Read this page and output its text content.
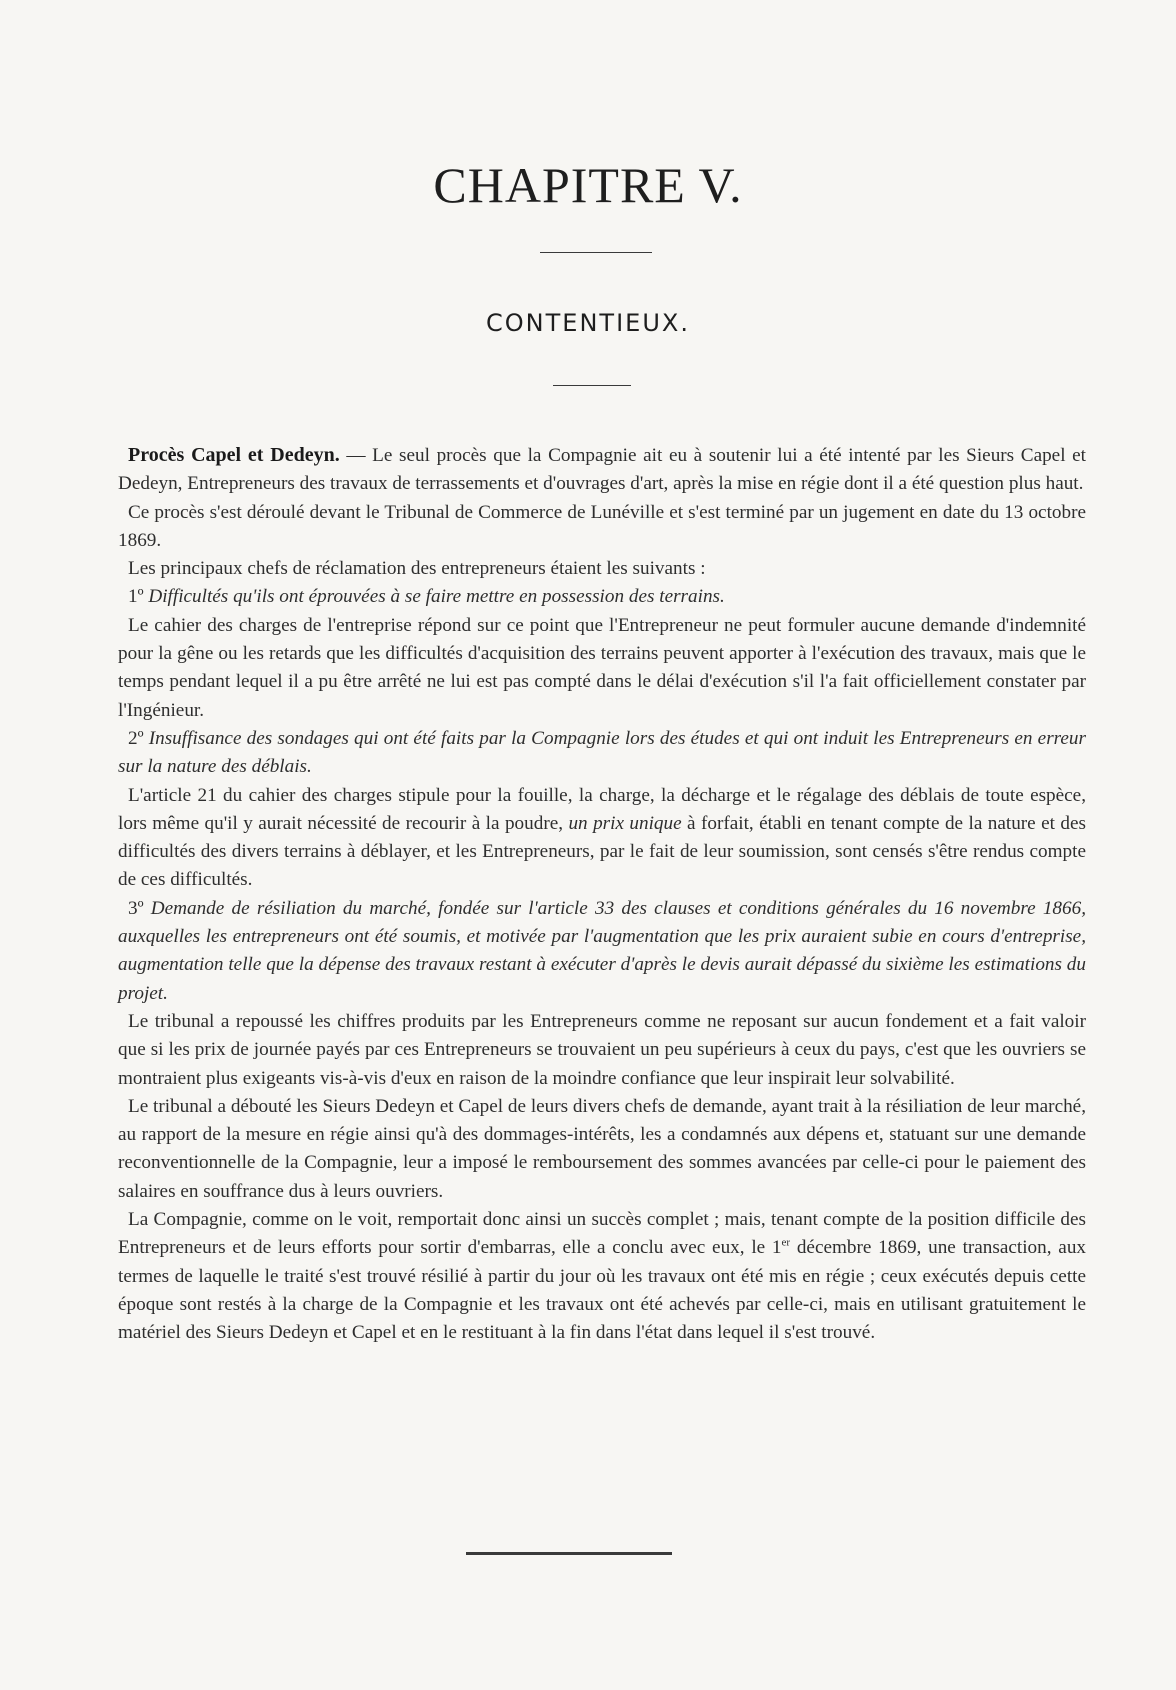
CHAPITRE V.
CONTENTIEUX.

Procès Capel et Dedeyn. — Le seul procès que la Compagnie ait eu à soutenir lui a été intenté par les Sieurs Capel et Dedeyn, Entrepreneurs des travaux de terrassements et d'ouvrages d'art, après la mise en régie dont il a été question plus haut.

Ce procès s'est déroulé devant le Tribunal de Commerce de Lunéville et s'est terminé par un jugement en date du 13 octobre 1869.

Les principaux chefs de réclamation des entrepreneurs étaient les suivants :

1º Difficultés qu'ils ont éprouvées à se faire mettre en possession des terrains.

Le cahier des charges de l'entreprise répond sur ce point que l'Entrepreneur ne peut formuler aucune demande d'indemnité pour la gêne ou les retards que les difficultés d'acquisition des terrains peuvent apporter à l'exécution des travaux, mais que le temps pendant lequel il a pu être arrêté ne lui est pas compté dans le délai d'exécution s'il l'a fait officiellement constater par l'Ingénieur.

2º Insuffisance des sondages qui ont été faits par la Compagnie lors des études et qui ont induit les Entrepreneurs en erreur sur la nature des déblais.

L'article 21 du cahier des charges stipule pour la fouille, la charge, la décharge et le régalage des déblais de toute espèce, lors même qu'il y aurait nécessité de recourir à la poudre, un prix unique à forfait, établi en tenant compte de la nature et des difficultés des divers terrains à déblayer, et les Entrepreneurs, par le fait de leur soumission, sont censés s'être rendus compte de ces difficultés.

3º Demande de résiliation du marché, fondée sur l'article 33 des clauses et conditions générales du 16 novembre 1866, auxquelles les entrepreneurs ont été soumis, et motivée par l'augmentation que les prix auraient subie en cours d'entreprise, augmentation telle que la dépense des travaux restant à exécuter d'après le devis aurait dépassé du sixième les estimations du projet.

Le tribunal a repoussé les chiffres produits par les Entrepreneurs comme ne reposant sur aucun fondement et a fait valoir que si les prix de journée payés par ces Entrepreneurs se trouvaient un peu supérieurs à ceux du pays, c'est que les ouvriers se montraient plus exigeants vis-à-vis d'eux en raison de la moindre confiance que leur inspirait leur solvabilité.

Le tribunal a débouté les Sieurs Dedeyn et Capel de leurs divers chefs de demande, ayant trait à la résiliation de leur marché, au rapport de la mesure en régie ainsi qu'à des dommages-intérêts, les a condamnés aux dépens et, statuant sur une demande reconventionnelle de la Compagnie, leur a imposé le remboursement des sommes avancées par celle-ci pour le paiement des salaires en souffrance dus à leurs ouvriers.

La Compagnie, comme on le voit, remportait donc ainsi un succès complet ; mais, tenant compte de la position difficile des Entrepreneurs et de leurs efforts pour sortir d'embarras, elle a conclu avec eux, le 1er décembre 1869, une transaction, aux termes de laquelle le traité s'est trouvé résilié à partir du jour où les travaux ont été mis en régie ; ceux exécutés depuis cette époque sont restés à la charge de la Compagnie et les travaux ont été achevés par celle-ci, mais en utilisant gratuitement le matériel des Sieurs Dedeyn et Capel et en le restituant à la fin dans l'état dans lequel il s'est trouvé.
